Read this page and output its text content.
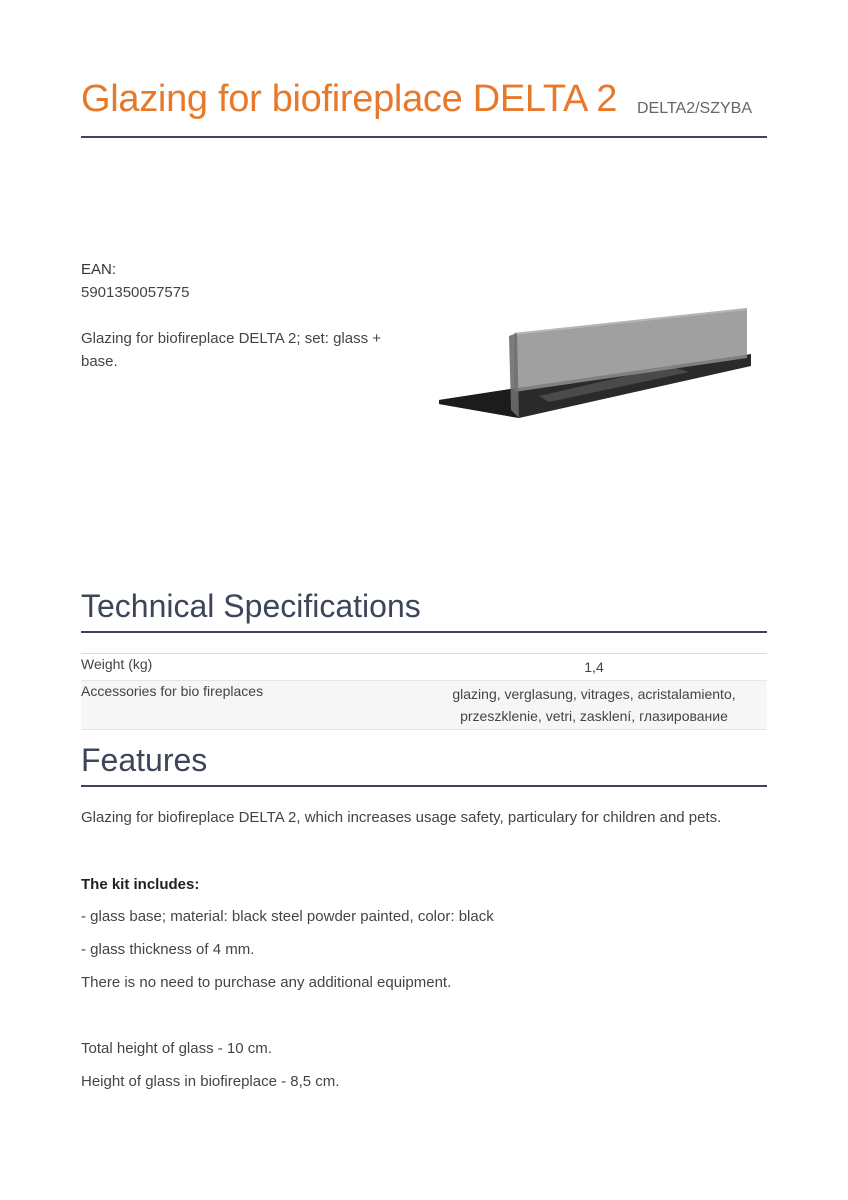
Glazing for biofireplace DELTA 2 DELTA2/SZYBA
EAN:
5901350057575
Glazing for biofireplace DELTA 2; set: glass + base.
Technical Specifications
Weight (kg)	1,4
Accessories for bio fireplaces	glazing, verglasung, vitrages, acristalamiento, przeszklenie, vetri, zasklení, глазирование
Features
Glazing for biofireplace DELTA 2, which increases usage safety, particulary for children and pets.
The kit includes:
- glass base; material: black steel powder painted, color: black
- glass thickness of 4 mm.
There is no need to purchase any additional equipment.
Total height of glass - 10 cm.
Height of glass in biofireplace - 8,5 cm.
